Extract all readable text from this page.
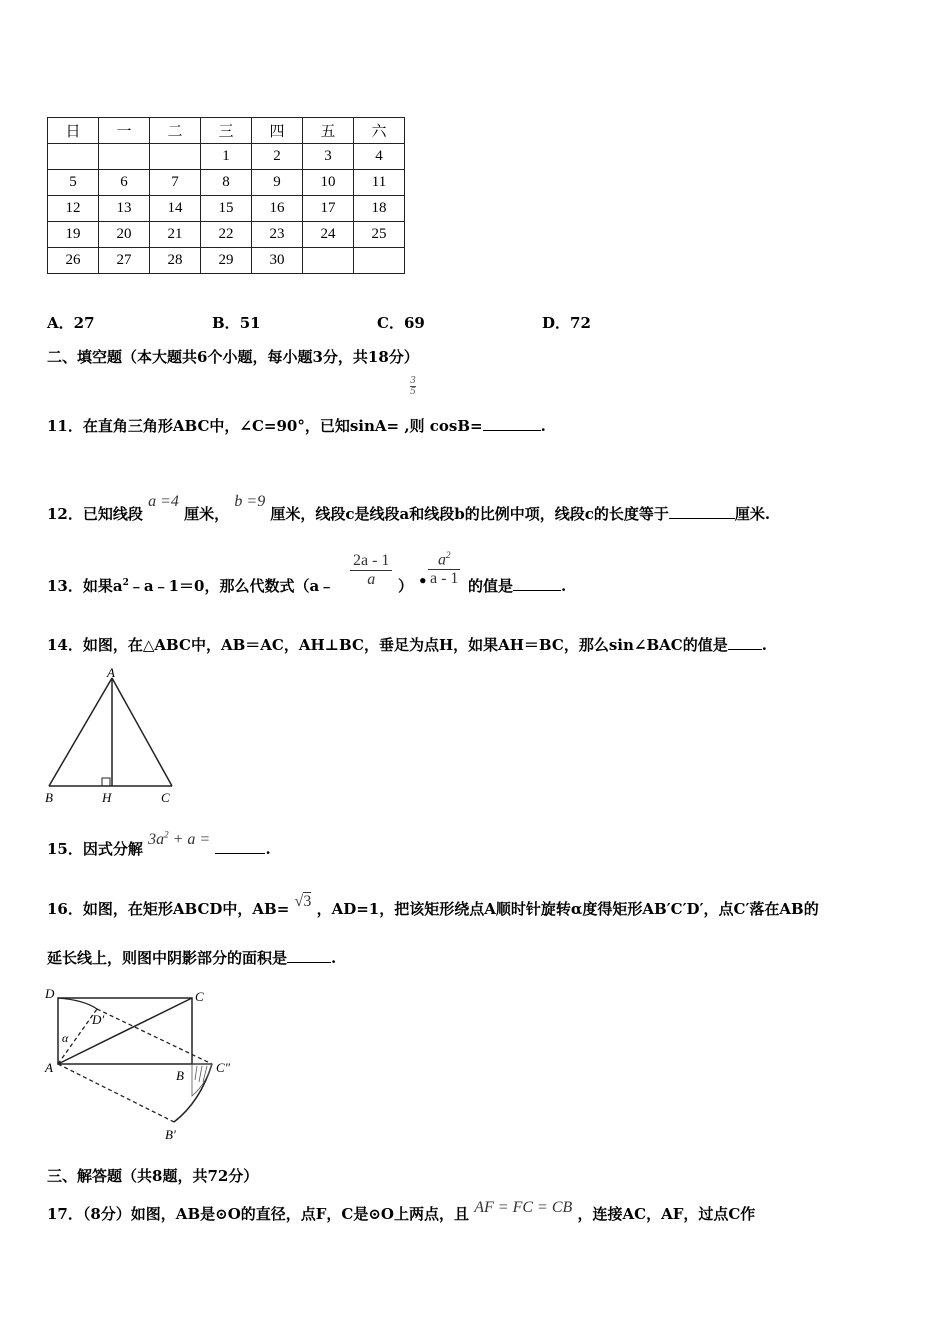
日	一	二	三	四	五	六
			1	2	3	4
5	6	7	8	9	10	11
12	13	14	15	16	17	18
19	20	21	22	23	24	25
26	27	28	29	30		
A．27	B．51	C．69	D．72
二、填空题（本大题共6个小题，每小题3分，共18分）
3
5
11．在直角三角形ABC中，∠C=90°，已知sinA= ,则 cosB=	.
12．已知线段 a =4 厘米， b =9 厘米，线段c是线段a和线段b的比例中项，线段c的长度等于	厘米.
13．如果$a^2﹣a﹣1=0$，那么代数式（a﹣
2a - 1
a	） •
$a^2$
a - 1 的值是	.
14．如图，在△ABC中，AB＝AC，AH⊥BC，垂足为点H，如果AH＝BC，那么sin∠BAC的值是 .
A
B	H	C
15．因式分解 $3a^2 + a$ = .
16．如图，在矩形ABCD中，AB= √3 ，AD=1，把该矩形绕点A顺时针旋转α度得矩形AB′C′D′，点C′落在AB的
延长线上，则图中阴影部分的面积是	.
D	C
D′
α
A
B
C″
B′
三、解答题（共8题，共72分）
17．（8分）如图，AB是⊙O的直径，点F，C是⊙O上两点，且 AF = FC = CB ，连接AC，AF，过点C作
